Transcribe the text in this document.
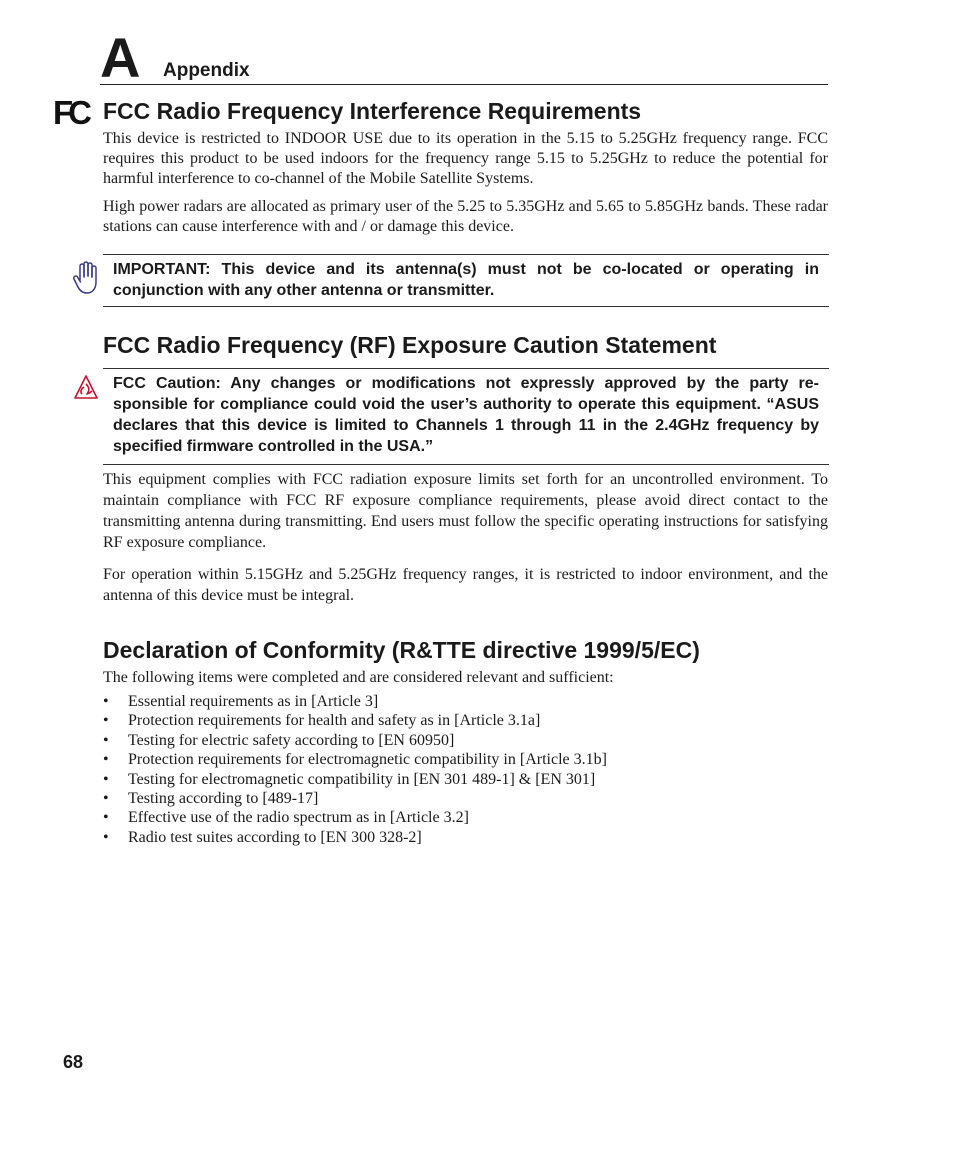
A Appendix
FC FCC Radio Frequency Interference Requirements
This device is restricted to INDOOR USE due to its operation in the 5.15 to 5.25GHz frequency range. FCC requires this product to be used indoors for the frequency range 5.15 to 5.25GHz to reduce the potential for harmful interference to co-channel of the Mobile Satellite Systems.
High power radars are allocated as primary user of the 5.25 to 5.35GHz and 5.65 to 5.85GHz bands. These radar stations can cause interference with and / or damage this device.
IMPORTANT: This device and its antenna(s) must not be co-located or operating in conjunction with any other antenna or transmitter.
FCC Radio Frequency (RF) Exposure Caution Statement
FCC Caution: Any changes or modifications not expressly approved by the party re-sponsible for compliance could void the user’s authority to operate this equipment. “ASUS declares that this device is limited to Channels 1 through 11 in the 2.4GHz frequency by specified firmware controlled in the USA.”
This equipment complies with FCC radiation exposure limits set forth for an uncontrolled environment. To maintain compliance with FCC RF exposure compliance requirements, please avoid direct contact to the transmitting antenna during transmitting. End users must follow the specific operating instructions for satisfying RF exposure compliance.
For operation within 5.15GHz and 5.25GHz frequency ranges, it is restricted to indoor environment, and the antenna of this device must be integral.
Declaration of Conformity (R&TTE directive 1999/5/EC)
The following items were completed and are considered relevant and sufficient:
• Essential requirements as in [Article 3]
• Protection requirements for health and safety as in [Article 3.1a]
• Testing for electric safety according to [EN 60950]
• Protection requirements for electromagnetic compatibility in [Article 3.1b]
• Testing for electromagnetic compatibility in [EN 301 489-1] & [EN 301]
• Testing according to [489-17]
• Effective use of the radio spectrum as in [Article 3.2]
• Radio test suites according to [EN 300 328-2]
68
